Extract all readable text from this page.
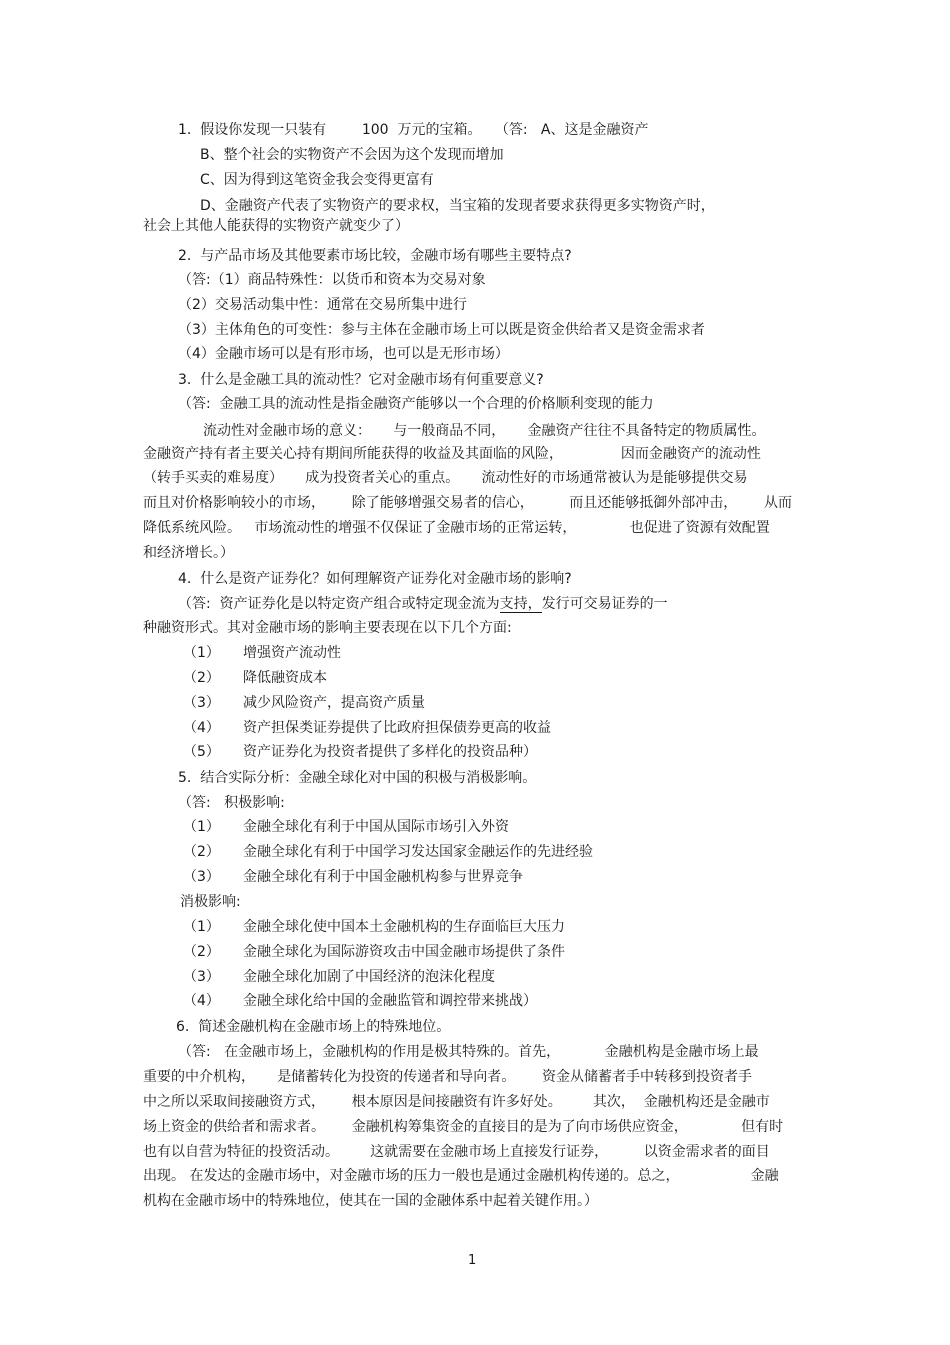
1.  假设你发现一只装有        100  万元的宝箱。   （答:   A、这是金融资产
B、整个社会的实物资产不会因为这个发现而增加
C、因为得到这笔资金我会变得更富有
D、金融资产代表了实物资产的要求权，当宝箱的发现者要求获得更多实物资产时，
社会上其他人能获得的实物资产就变少了）
2.  与产品市场及其他要素市场比较，金融市场有哪些主要特点?
（答:（1）商品特殊性：以货币和资本为交易对象
（2）交易活动集中性：通常在交易所集中进行
（3）主体角色的可变性：参与主体在金融市场上可以既是资金供给者又是资金需求者
（4）金融市场可以是有形市场，也可以是无形市场）
3.  什么是金融工具的流动性？它对金融市场有何重要意义?
（答:  金融工具的流动性是指金融资产能够以一个合理的价格顺利变现的能力
流动性对金融市场的意义：     与一般商品不同，     金融资产往往不具备特定的物质属性。
金融资产持有者主要关心持有期间所能获得的收益及其面临的风险，             因而金融资产的流动性
（转手买卖的难易度）     成为投资者关心的重点。     流动性好的市场通常被认为是能够提供交易
而且对价格影响较小的市场，      除了能够增强交易者的信心，        而且还能够抵御外部冲击，      从而
降低系统风险。   市场流动性的增强不仅保证了金融市场的正常运转，            也促进了资源有效配置
和经济增长。）
4.  什么是资产证券化？如何理解资产证券化对金融市场的影响?
（答:  资产证券化是以特定资产组合或特定现金流为支持，发行可交易证券的一
种融资形式。其对金融市场的影响主要表现在以下几个方面:
（1） 增强资产流动性
（2） 降低融资成本
（3） 减少风险资产，提高资产质量
（4） 资产担保类证券提供了比政府担保债券更高的收益
（5） 资产证券化为投资者提供了多样化的投资品种）
5.  结合实际分析：金融全球化对中国的积极与消极影响。
（答:   积极影响:
（1） 金融全球化有利于中国从国际市场引入外资
（2） 金融全球化有利于中国学习发达国家金融运作的先进经验
（3） 金融全球化有利于中国金融机构参与世界竞争
消极影响:
（1） 金融全球化使中国本土金融机构的生存面临巨大压力
（2） 金融全球化为国际游资攻击中国金融市场提供了条件
（3） 金融全球化加剧了中国经济的泡沫化程度
（4） 金融全球化给中国的金融监管和调控带来挑战）
6.  简述金融机构在金融市场上的特殊地位。
（答:   在金融市场上，金融机构的作用是极其特殊的。首先，          金融机构是金融市场上最
重要的中介机构，     是储蓄转化为投资的传递者和导向者。      资金从储蓄者手中转移到投资者手
中之所以采取间接融资方式，      根本原因是间接融资有许多好处。       其次，  金融机构还是金融市
场上资金的供给者和需求者。      金融机构筹集资金的直接目的是为了向市场供应资金，            但有时
也有以自营为特征的投资活动。       这就需要在金融市场上直接发行证券，        以资金需求者的面目
出现。 在发达的金融市场中，对金融市场的压力一般也是通过金融机构传递的。总之，                金融
机构在金融市场中的特殊地位，使其在一国的金融体系中起着关键作用。）
1
